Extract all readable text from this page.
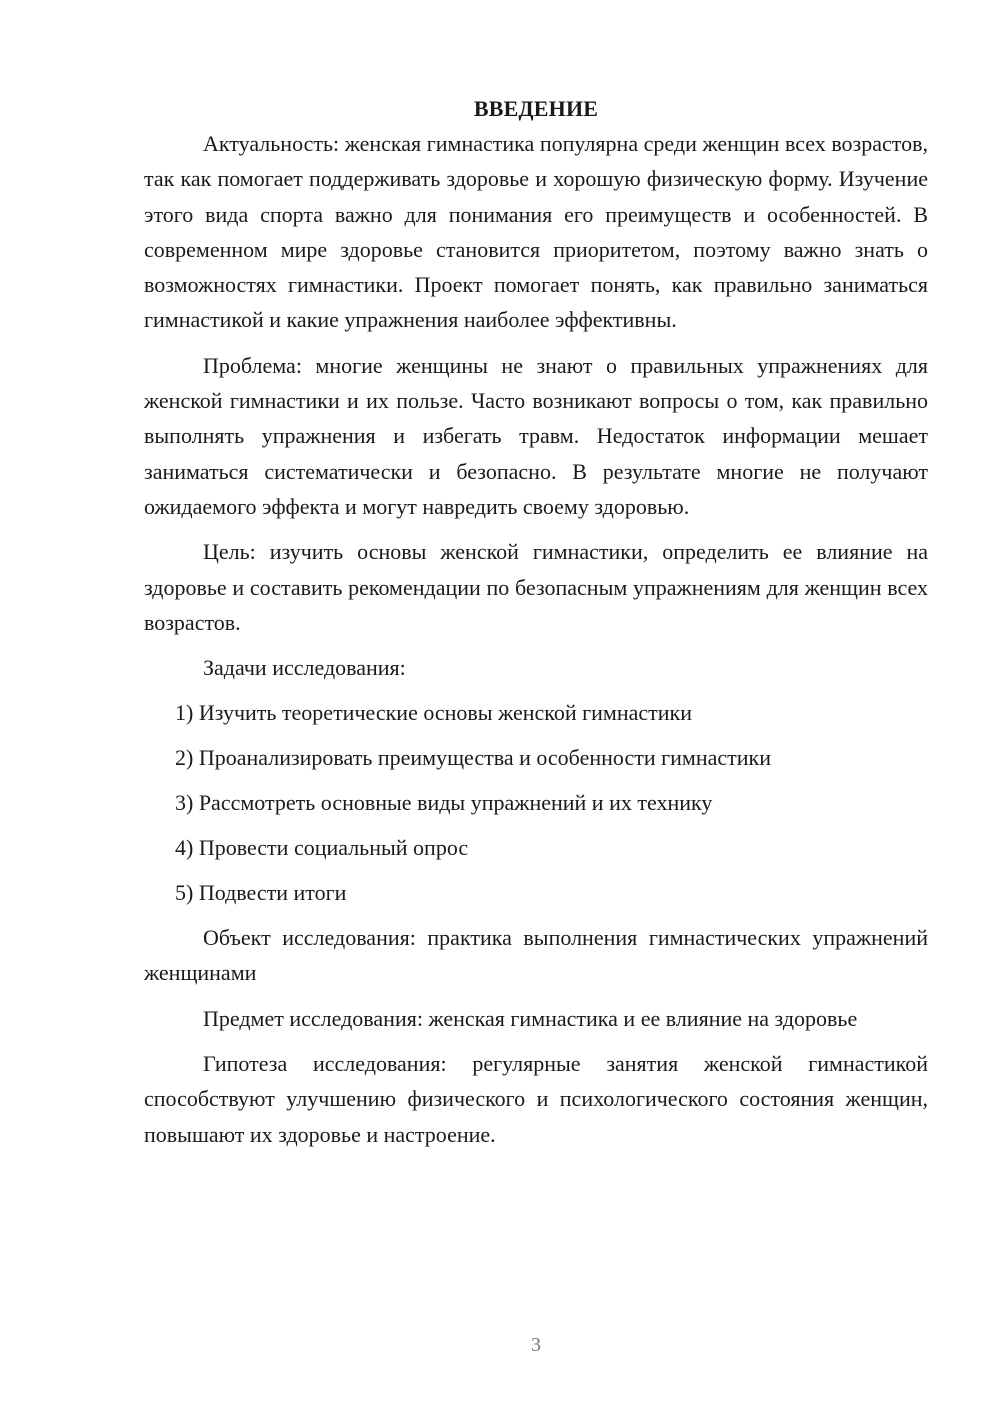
ВВЕДЕНИЕ

Актуальность: женская гимнастика популярна среди женщин всех возрастов, так как помогает поддерживать здоровье и хорошую физическую форму. Изучение этого вида спорта важно для понимания его преимуществ и особенностей. В современном мире здоровье становится приоритетом, поэтому важно знать о возможностях гимнастики. Проект помогает понять, как правильно заниматься гимнастикой и какие упражнения наиболее эффективны.

Проблема: многие женщины не знают о правильных упражнениях для женской гимнастики и их пользе. Часто возникают вопросы о том, как правильно выполнять упражнения и избегать травм. Недостаток информации мешает заниматься систематически и безопасно. В результате многие не получают ожидаемого эффекта и могут навредить своему здоровью.

Цель: изучить основы женской гимнастики, определить ее влияние на здоровье и составить рекомендации по безопасным упражнениям для женщин всех возрастов.

Задачи исследования:

1) Изучить теоретические основы женской гимнастики
2) Проанализировать преимущества и особенности гимнастики
3) Рассмотреть основные виды упражнений и их технику
4) Провести социальный опрос
5) Подвести итоги

Объект исследования: практика выполнения гимнастических упражнений женщинами

Предмет исследования: женская гимнастика и ее влияние на здоровье

Гипотеза исследования: регулярные занятия женской гимнастикой способствуют улучшению физического и психологического состояния женщин, повышают их здоровье и настроение.

3
